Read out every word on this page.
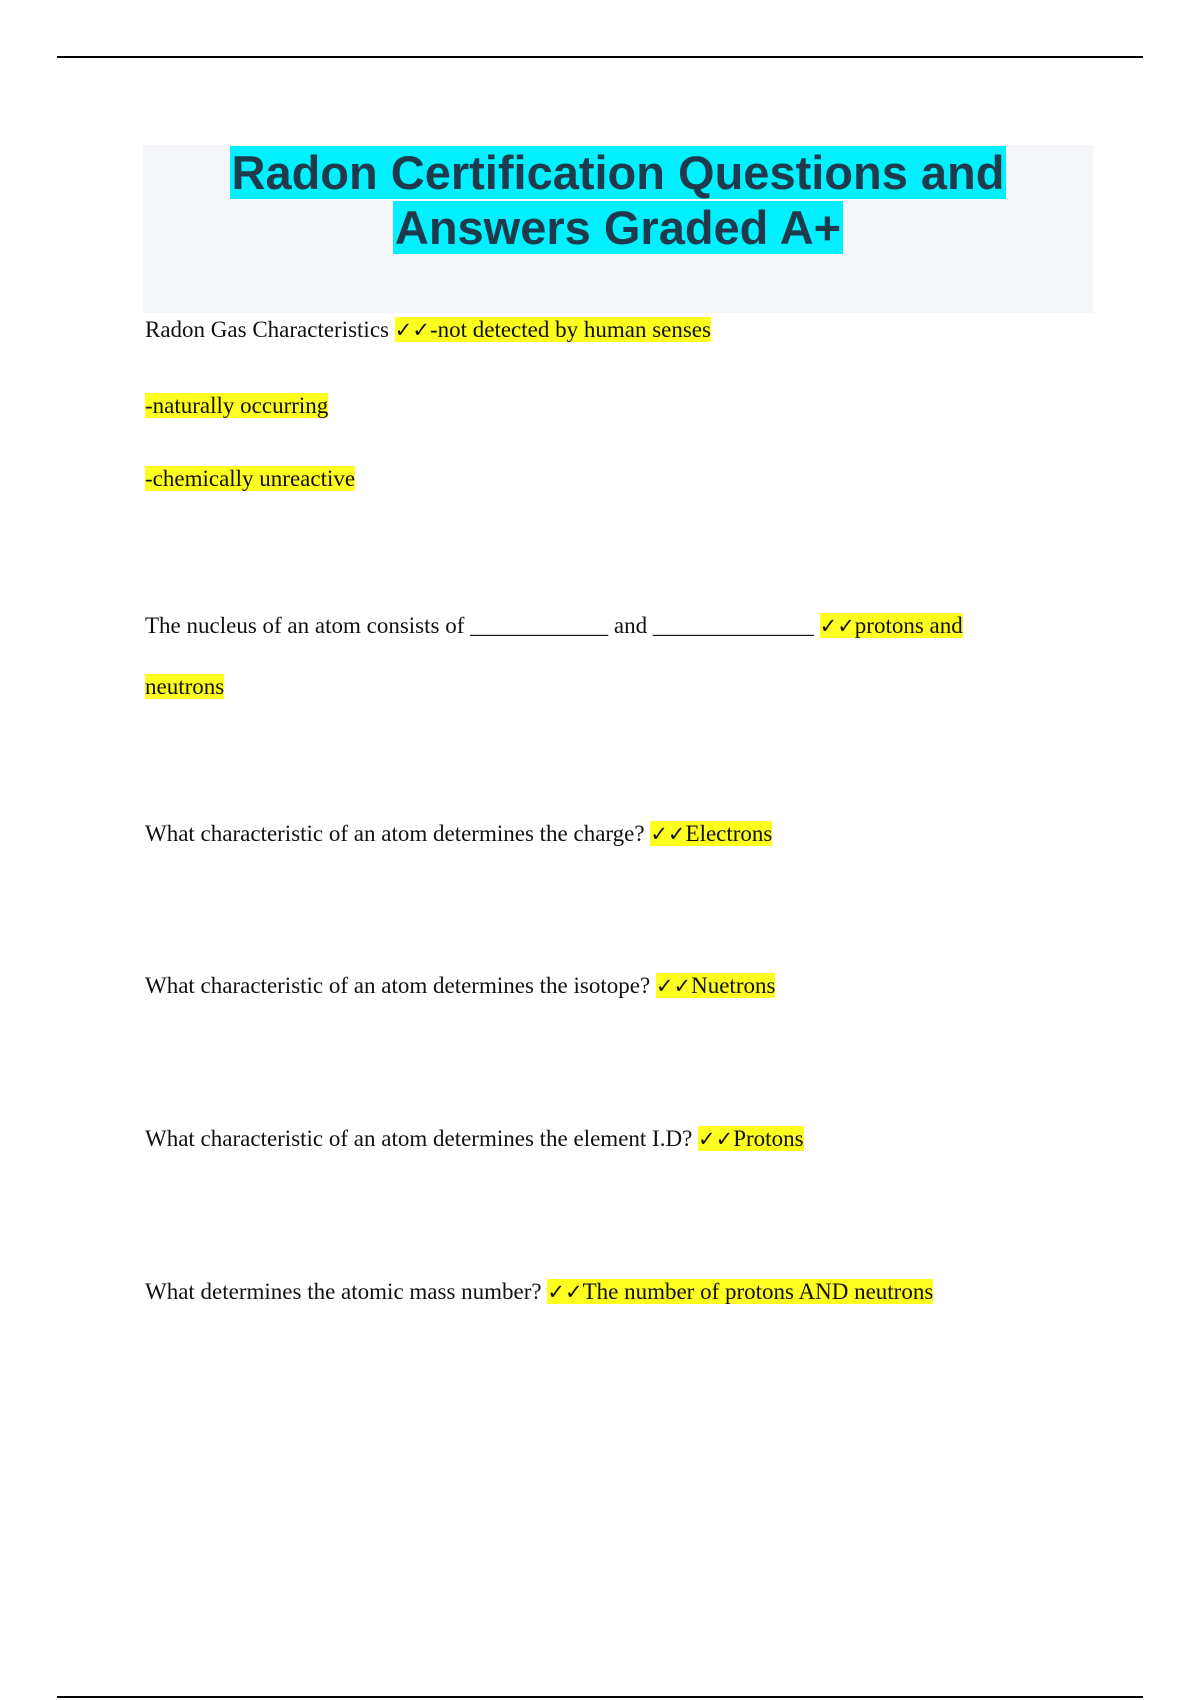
Radon Certification Questions and
Answers Graded A+
Radon Gas Characteristics ✓✓-not detected by human senses
-naturally occurring
-chemically unreactive
The nucleus of an atom consists of ____________ and ______________ ✓✓protons and
neutrons
What characteristic of an atom determines the charge? ✓✓Electrons
What characteristic of an atom determines the isotope? ✓✓Nuetrons
What characteristic of an atom determines the element I.D? ✓✓Protons
What determines the atomic mass number? ✓✓The number of protons AND neutrons
